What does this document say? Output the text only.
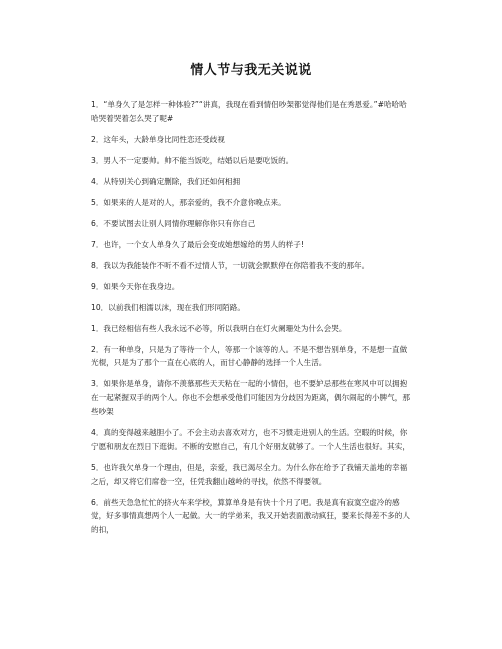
情人节与我无关说说

1．“单身久了是怎样一种体验?”“讲真，我现在看到情侣吵架都觉得他们是在秀恩爱。”#哈哈哈哈哭着哭着怎么哭了呢#

2．这年头，大龄单身比同性恋还受歧视

3．男人不一定要帅。帅不能当饭吃，结婚以后是要吃饭的。

4．从特别关心到确定删除，我们还如何相拥

5．如果来的人是对的人，那亲爱的，我不介意你晚点来。

6．不要试图去让别人同情你理解你你只有你自己

7．也许，一个女人单身久了最后会变成她想嫁给的男人的样子!

8．我以为我能装作不听不看不过情人节，一切就会默默停在你陪着我不变的那年。

9．如果今天你在我身边。

10．以前我们相濡以沫，现在我们形同陌路。

1．我已经相信有些人我永远不必等，所以我明白在灯火阑珊处为什么会哭。

2．有一种单身，只是为了等待一个人，等那一个该等的人。不是不想告别单身，不是想一直做光棍，只是为了那个一直在心底的人，而甘心静静的选择一个人生活。

3．如果你是单身，请你不羡慕那些天天粘在一起的小情侣，也不要妒忌那些在寒风中可以拥抱在一起紧握双手的两个人。你也不会想承受他们可能因为分歧因为距离，偶尔闹起的小脾气，那些吵架

4．真的变得越来越胆小了。不会主动去喜欢对方，也不习惯走进别人的生活。空暇的时候，你宁愿和朋友在烈日下逛街。不断的安慰自己，有几个好朋友就够了。一个人生活也很好。其实，

5．也许我欠单身一个理由，但是，亲爱，我已渴尽全力。为什么你在给予了我铺天盖地的幸福之后，却又将它们席卷一空，任凭我翻山越岭的寻找，依然不得要领。

6．前些天急急忙忙的挤火车来学校，算算单身是有快十个月了吧。我是真有寂寞空虚冷的感觉，好多事情真想两个人一起做。大一的学弟来，我又开始表面激动疯狂，要来长得差不多的人的扣，
